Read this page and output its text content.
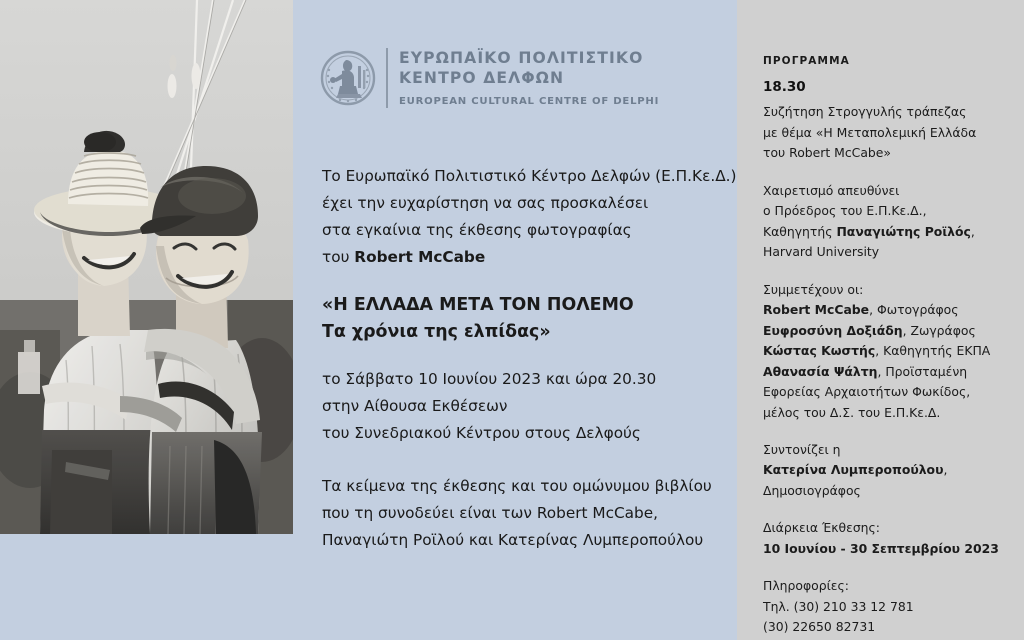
ΕΥΡΩΠΑΪΚΟ ΠΟΛΙΤΙΣΤΙΚΟ
ΚΕΝΤΡΟ ΔΕΛΦΩΝ
EUROPEAN CULTURAL CENTRE OF DELPHI

Το Ευρωπαϊκό Πολιτιστικό Κέντρο Δελφών (Ε.Π.Κε.Δ.)

έχει την ευχαρίστηση να σας προσκαλέσει

στα εγκαίνια της έκθεσης φωτογραφίας

του Robert McCabe

«Η ΕΛΛΑΔΑ ΜΕΤΑ ΤΟΝ ΠΟΛΕΜΟ

Τα χρόνια της ελπίδας»

το Σάββατο 10 Ιουνίου 2023 και ώρα 20.30

στην Αίθουσα Εκθέσεων

του Συνεδριακού Κέντρου στους Δελφούς

Τα κείμενα της έκθεσης και του ομώνυμου βιβλίου

που τη συνοδεύει είναι των Robert McCabe,

Παναγιώτη Ροϊλού και Κατερίνας Λυμπεροπούλου

ΠΡΟΓΡΑΜΜΑ

18.30

Συζήτηση Στρογγυλής τράπεζας

με θέμα «Η Μεταπολεμική Ελλάδα

του Robert McCabe»

Χαιρετισμό απευθύνει

ο Πρόεδρος του Ε.Π.Κε.Δ.,

Καθηγητής Παναγιώτης Ροϊλός,

Harvard University

Συμμετέχουν οι:

Robert McCabe, Φωτογράφος

Ευφροσύνη Δοξιάδη, Ζωγράφος

Κώστας Κωστής, Καθηγητής ΕΚΠΑ

Αθανασία Ψάλτη, Προϊσταμένη

Εφορείας Αρχαιοτήτων Φωκίδος,

μέλος του Δ.Σ. του Ε.Π.Κε.Δ.

Συντονίζει η

Κατερίνα Λυμπεροπούλου,

Δημοσιογράφος

Διάρκεια Έκθεσης:

10 Ιουνίου - 30 Σεπτεμβρίου 2023

Πληροφορίες:

Τηλ. (30) 210 33 12 781

(30) 22650 82731
